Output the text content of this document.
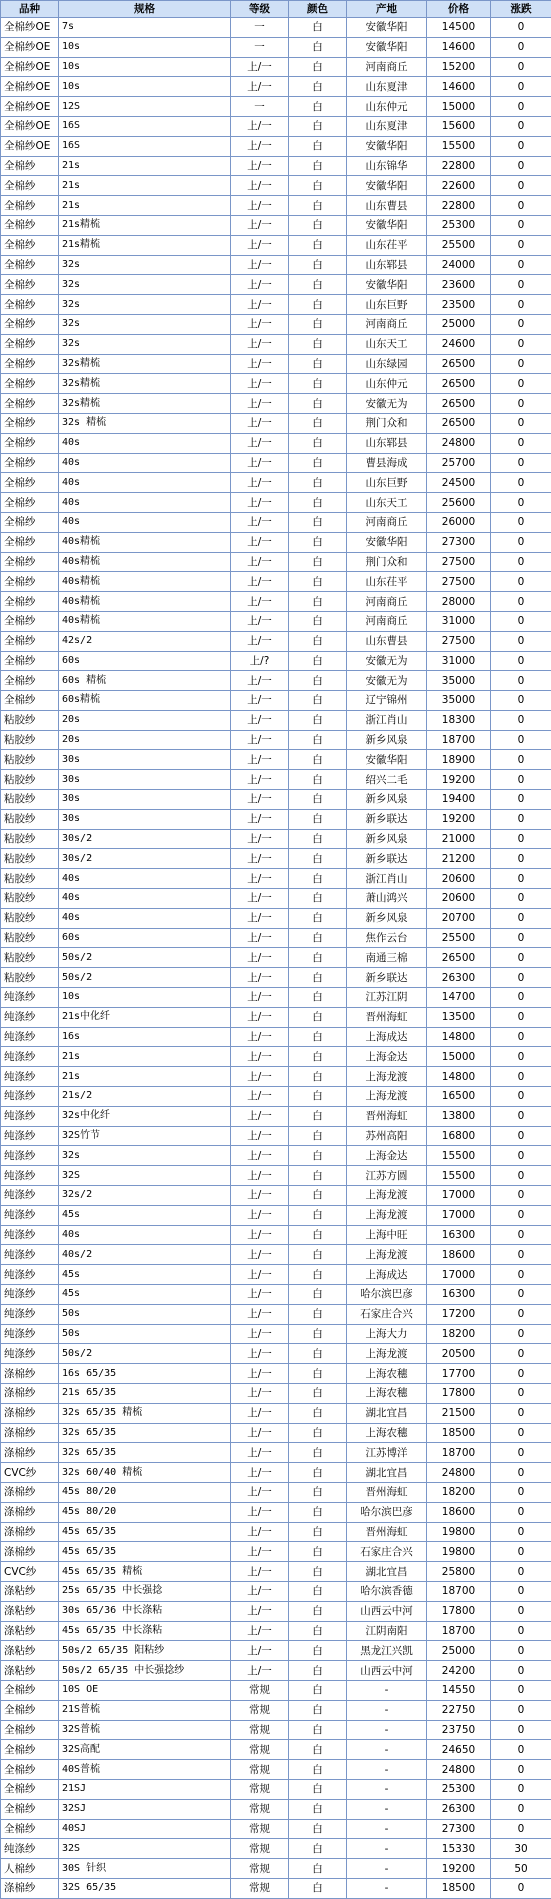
品种	规格	等级	颜色	产地	价格	涨跌
全棉纱OE	7s	一	白	安徽华阳	14500	0
全棉纱OE	10s	一	白	安徽华阳	14600	0
全棉纱OE	10s	上/一	白	河南商丘	15200	0
全棉纱OE	10s	上/一	白	山东夏津	14600	0
全棉纱OE	12S	一	白	山东仲元	15000	0
全棉纱OE	16S	上/一	白	山东夏津	15600	0
全棉纱OE	16S	上/一	白	安徽华阳	15500	0
全棉纱	21s	上/一	白	山东锦华	22800	0
全棉纱	21s	上/一	白	安徽华阳	22600	0
全棉纱	21s	上/一	白	山东曹县	22800	0
全棉纱	21s精梳	上/一	白	安徽华阳	25300	0
全棉纱	21s精梳	上/一	白	山东茌平	25500	0
全棉纱	32s	上/一	白	山东郓县	24000	0
全棉纱	32s	上/一	白	安徽华阳	23600	0
全棉纱	32s	上/一	白	山东巨野	23500	0
全棉纱	32s	上/一	白	河南商丘	25000	0
全棉纱	32s	上/一	白	山东天工	24600	0
全棉纱	32s精梳	上/一	白	山东绿园	26500	0
全棉纱	32s精梳	上/一	白	山东仲元	26500	0
全棉纱	32s精梳	上/一	白	安徽无为	26500	0
全棉纱	32s 精梳	上/一	白	荆门众和	26500	0
全棉纱	40s	上/一	白	山东郓县	24800	0
全棉纱	40s	上/一	白	曹县海成	25700	0
全棉纱	40s	上/一	白	山东巨野	24500	0
全棉纱	40s	上/一	白	山东天工	25600	0
全棉纱	40s	上/一	白	河南商丘	26000	0
全棉纱	40s精梳	上/一	白	安徽华阳	27300	0
全棉纱	40s精梳	上/一	白	荆门众和	27500	0
全棉纱	40s精梳	上/一	白	山东茌平	27500	0
全棉纱	40s精梳	上/一	白	河南商丘	28000	0
全棉纱	40s精梳	上/一	白	河南商丘	31000	0
全棉纱	42s/2	上/一	白	山东曹县	27500	0
全棉纱	60s	上/?	白	安徽无为	31000	0
全棉纱	60s 精梳	上/一	白	安徽无为	35000	0
全棉纱	60s精梳	上/一	白	辽宁锦州	35000	0
粘胶纱	20s	上/一	白	浙江肖山	18300	0
粘胶纱	20s	上/一	白	新乡风泉	18700	0
粘胶纱	30s	上/一	白	安徽华阳	18900	0
粘胶纱	30s	上/一	白	绍兴二毛	19200	0
粘胶纱	30s	上/一	白	新乡风泉	19400	0
粘胶纱	30s	上/一	白	新乡联达	19200	0
粘胶纱	30s/2	上/一	白	新乡风泉	21000	0
粘胶纱	30s/2	上/一	白	新乡联达	21200	0
粘胶纱	40s	上/一	白	浙江肖山	20600	0
粘胶纱	40s	上/一	白	萧山鸿兴	20600	0
粘胶纱	40s	上/一	白	新乡风泉	20700	0
粘胶纱	60s	上/一	白	焦作云台	25500	0
粘胶纱	50s/2	上/一	白	南通三棉	26500	0
粘胶纱	50s/2	上/一	白	新乡联达	26300	0
纯涤纱	10s	上/一	白	江苏江阴	14700	0
纯涤纱	21s中化纤	上/一	白	晋州海虹	13500	0
纯涤纱	16s	上/一	白	上海成达	14800	0
纯涤纱	21s	上/一	白	上海金达	15000	0
纯涤纱	21s	上/一	白	上海龙渡	14800	0
纯涤纱	21s/2	上/一	白	上海龙渡	16500	0
纯涤纱	32s中化纤	上/一	白	晋州海虹	13800	0
纯涤纱	32S竹节	上/一	白	苏州高阳	16800	0
纯涤纱	32s	上/一	白	上海金达	15500	0
纯涤纱	32S	上/一	白	江苏方圆	15500	0
纯涤纱	32s/2	上/一	白	上海龙渡	17000	0
纯涤纱	45s	上/一	白	上海龙渡	17000	0
纯涤纱	40s	上/一	白	上海中旺	16300	0
纯涤纱	40s/2	上/一	白	上海龙渡	18600	0
纯涤纱	45s	上/一	白	上海成达	17000	0
纯涤纱	45s	上/一	白	哈尔滨巴彦	16300	0
纯涤纱	50s	上/一	白	石家庄合兴	17200	0
纯涤纱	50s	上/一	白	上海大力	18200	0
纯涤纱	50s/2	上/一	白	上海龙渡	20500	0
涤棉纱	16s 65/35	上/一	白	上海农穗	17700	0
涤棉纱	21s 65/35	上/一	白	上海农穗	17800	0
涤棉纱	32s 65/35 精梳	上/一	白	湖北宜昌	21500	0
涤棉纱	32s 65/35	上/一	白	上海农穗	18500	0
涤棉纱	32s 65/35	上/一	白	江苏博洋	18700	0
CVC纱	32s 60/40 精梳	上/一	白	湖北宜昌	24800	0
涤棉纱	45s 80/20	上/一	白	晋州海虹	18200	0
涤棉纱	45s 80/20	上/一	白	哈尔滨巴彦	18600	0
涤棉纱	45s 65/35	上/一	白	晋州海虹	19800	0
涤棉纱	45s 65/35	上/一	白	石家庄合兴	19800	0
CVC纱	45s 65/35 精梳	上/一	白	湖北宜昌	25800	0
涤粘纱	25s 65/35 中长强捻	上/一	白	哈尔滨香德	18700	0
涤粘纱	30s 65/36 中长涤粘	上/一	白	山西云中河	17800	0
涤粘纱	45s 65/35 中长涤粘	上/一	白	江阴南阳	18700	0
涤粘纱	50s/2 65/35 阳粘纱	上/一	白	黑龙江兴凯	25000	0
涤粘纱	50s/2 65/35 中长强捻纱	上/一	白	山西云中河	24200	0
全棉纱	10S OE	常规	白	-	14550	0
全棉纱	21S普梳	常规	白	-	22750	0
全棉纱	32S普梳	常规	白	-	23750	0
全棉纱	32S高配	常规	白	-	24650	0
全棉纱	40S普梳	常规	白	-	24800	0
全棉纱	21SJ	常规	白	-	25300	0
全棉纱	32SJ	常规	白	-	26300	0
全棉纱	40SJ	常规	白	-	27300	0
纯涤纱	32S	常规	白	-	15330	30
人棉纱	30S 针织	常规	白	-	19200	50
涤棉纱	32S 65/35	常规	白	-	18500	0
